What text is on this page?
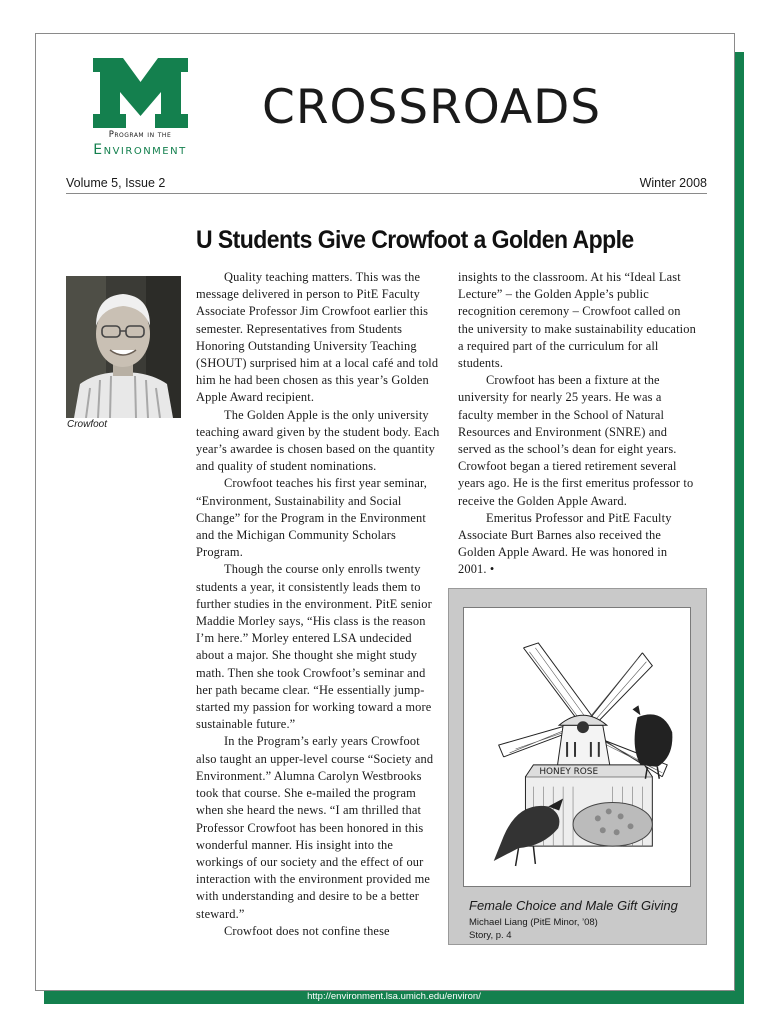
Program in the
Environment
CROSSROADS
Volume 5, Issue 2	Winter 2008
U Students Give Crowfoot a Golden Apple
Crowfoot

Quality teaching matters. This was the message delivered in person to PitE Faculty Associate Professor Jim Crowfoot earlier this semester. Representatives from Students Honoring Outstanding University Teaching (SHOUT) surprised him at a local café and told him he had been chosen as this year’s Golden Apple Award recipient.

The Golden Apple is the only university teaching award given by the student body. Each year’s awardee is chosen based on the quantity and quality of student nominations.

Crowfoot teaches his first year seminar, “Environment, Sustainability and Social Change” for the Program in the Environment and the Michigan Community Scholars Program.

Though the course only enrolls twenty students a year, it consistently leads them to further studies in the environment. PitE senior Maddie Morley says, “His class is the reason I’m here.” Morley entered LSA undecided about a major. She thought she might study math. Then she took Crowfoot’s seminar and her path became clear. “He essentially jump-started my passion for working toward a more sustainable future.”

In the Program’s early years Crowfoot also taught an upper-level course “Society and Environment.” Alumna Carolyn Westbrooks took that course. She e-mailed the program when she heard the news. “I am thrilled that Professor Crowfoot has been honored in this wonderful manner. His insight into the workings of our society and the effect of our interaction with the environment provided me with understanding and desire to be a better steward.”

Crowfoot does not confine these

insights to the classroom. At his “Ideal Last Lecture” – the Golden Apple’s public recognition ceremony – Crowfoot called on the university to make sustainability education a required part of the curriculum for all students.

Crowfoot has been a fixture at the university for nearly 25 years. He was a faculty member in the School of Natural Resources and Environment (SNRE) and served as the school’s dean for eight years. Crowfoot began a tiered retirement several years ago. He is the first emeritus professor to receive the Golden Apple Award.

Emeritus Professor and PitE Faculty Associate Burt Barnes also received the Golden Apple Award. He was honored in 2001. •

HONEY ROSE
Female Choice and Male Gift Giving
Michael Liang (PitE Minor, ’08)
Story, p. 4
http://environment.lsa.umich.edu/environ/
